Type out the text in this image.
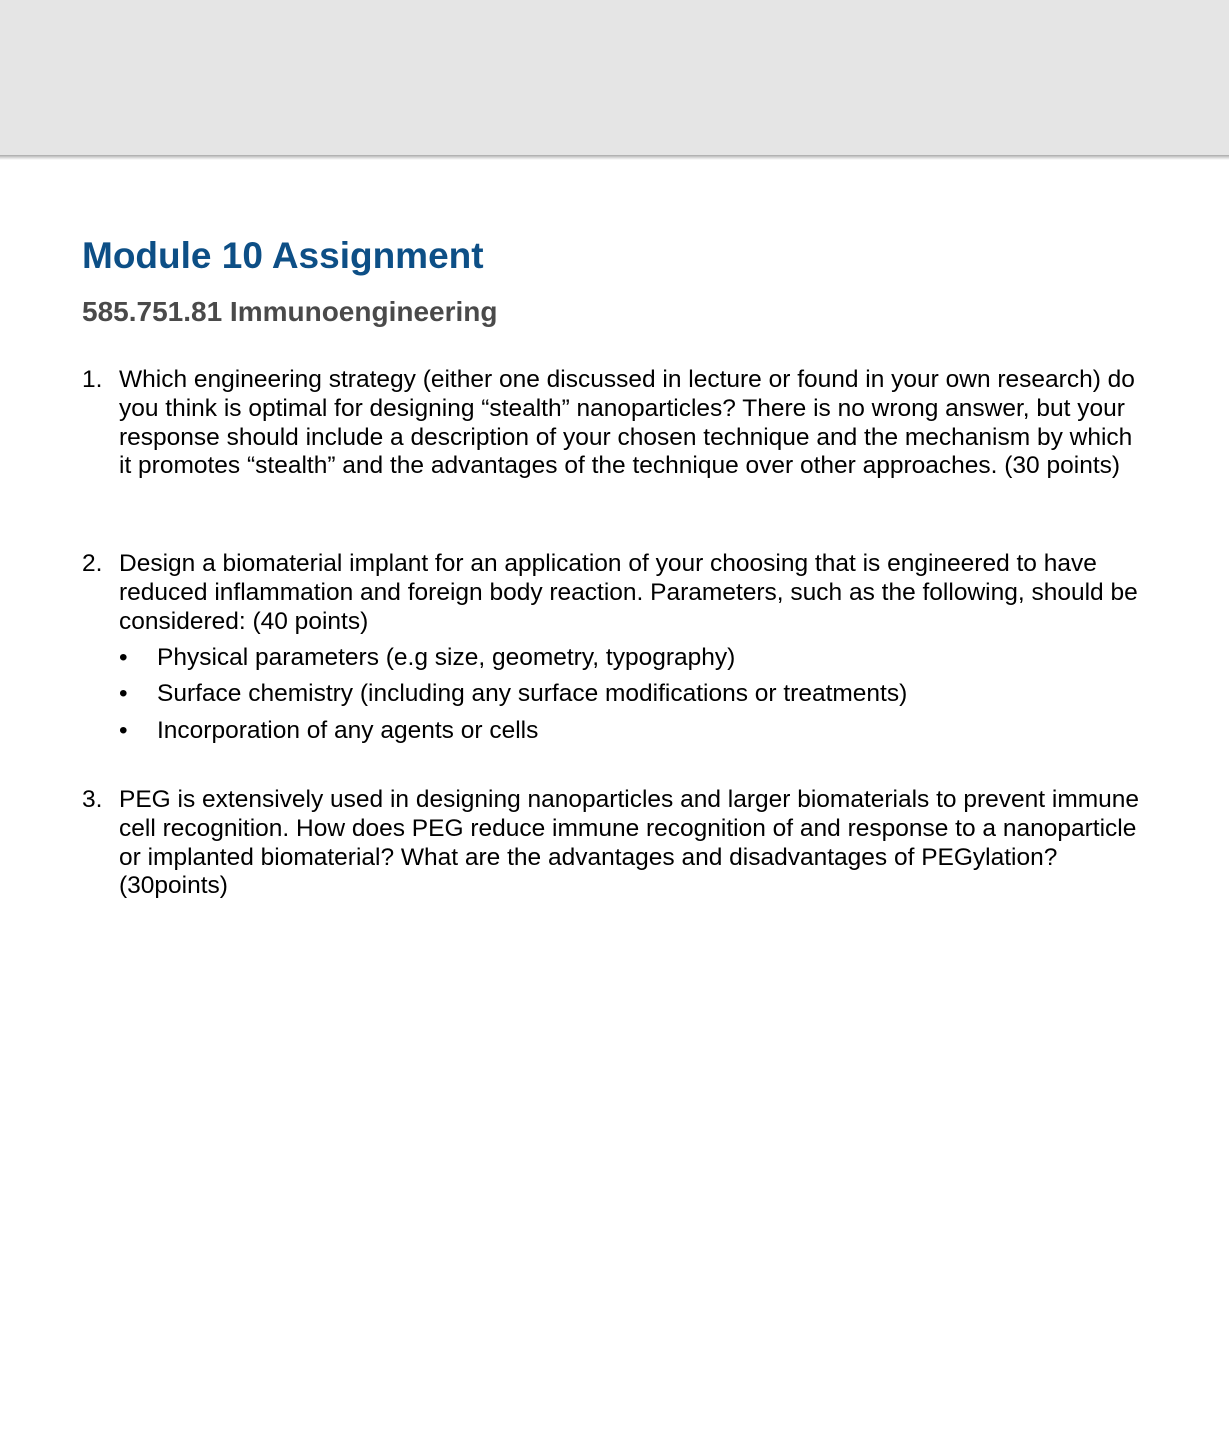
Module 10 Assignment
585.751.81 Immunoengineering
1. Which engineering strategy (either one discussed in lecture or found in your own research) do you think is optimal for designing “stealth” nanoparticles? There is no wrong answer, but your response should include a description of your chosen technique and the mechanism by which it promotes “stealth” and the advantages of the technique over other approaches. (30 points)
2. Design a biomaterial implant for an application of your choosing that is engineered to have reduced inflammation and foreign body reaction. Parameters, such as the following, should be considered: (40 points)
•	Physical parameters (e.g size, geometry, typography)
•	Surface chemistry (including any surface modifications or treatments)
•	Incorporation of any agents or cells
3. PEG is extensively used in designing nanoparticles and larger biomaterials to prevent immune cell recognition. How does PEG reduce immune recognition of and response to a nanoparticle or implanted biomaterial? What are the advantages and disadvantages of PEGylation? (30points)
